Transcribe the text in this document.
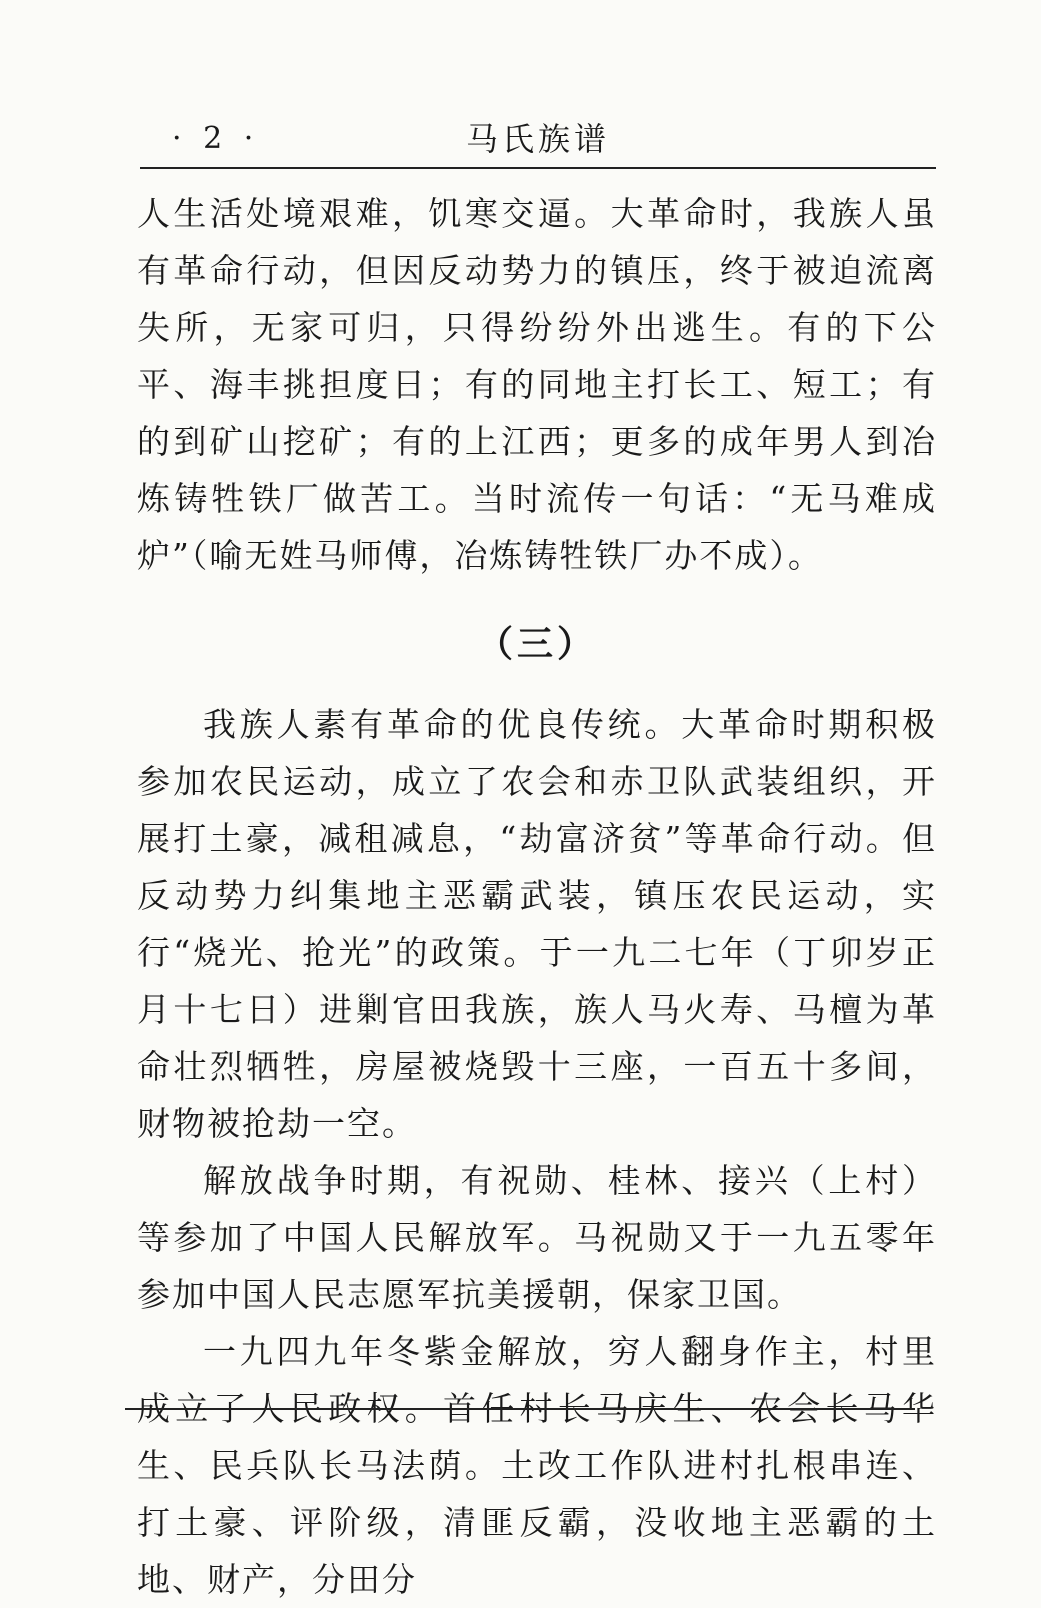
马氏族谱
· 2 ·

人生活处境艰难，饥寒交逼。大革命时，我族人虽有革命行动，但因反动势力的镇压，终于被迫流离失所，无家可归，只得纷纷外出逃生。有的下公平、海丰挑担度日；有的同地主打长工、短工；有的到矿山挖矿；有的上江西；更多的成年男人到冶炼铸牲铁厂做苦工。当时流传一句话：“无马难成炉”（喻无姓马师傅，冶炼铸牲铁厂办不成）。

（三）

我族人素有革命的优良传统。大革命时期积极参加农民运动，成立了农会和赤卫队武装组织，开展打土豪，减租减息，“劫富济贫”等革命行动。但反动势力纠集地主恶霸武装，镇压农民运动，实行“烧光、抢光”的政策。于一九二七年（丁卯岁正月十七日）进剿官田我族，族人马火寿、马檀为革命壮烈牺牲，房屋被烧毁十三座，一百五十多间，财物被抢劫一空。

解放战争时期，有祝勋、桂林、接兴（上村）等参加了中国人民解放军。马祝勋又于一九五零年参加中国人民志愿军抗美援朝，保家卫国。

一九四九年冬紫金解放，穷人翻身作主，村里成立了人民政权。首任村长马庆生、农会长马华生、民兵队长马法荫。土改工作队进村扎根串连、打土豪、评阶级，清匪反霸，没收地主恶霸的土地、财产，分田分
